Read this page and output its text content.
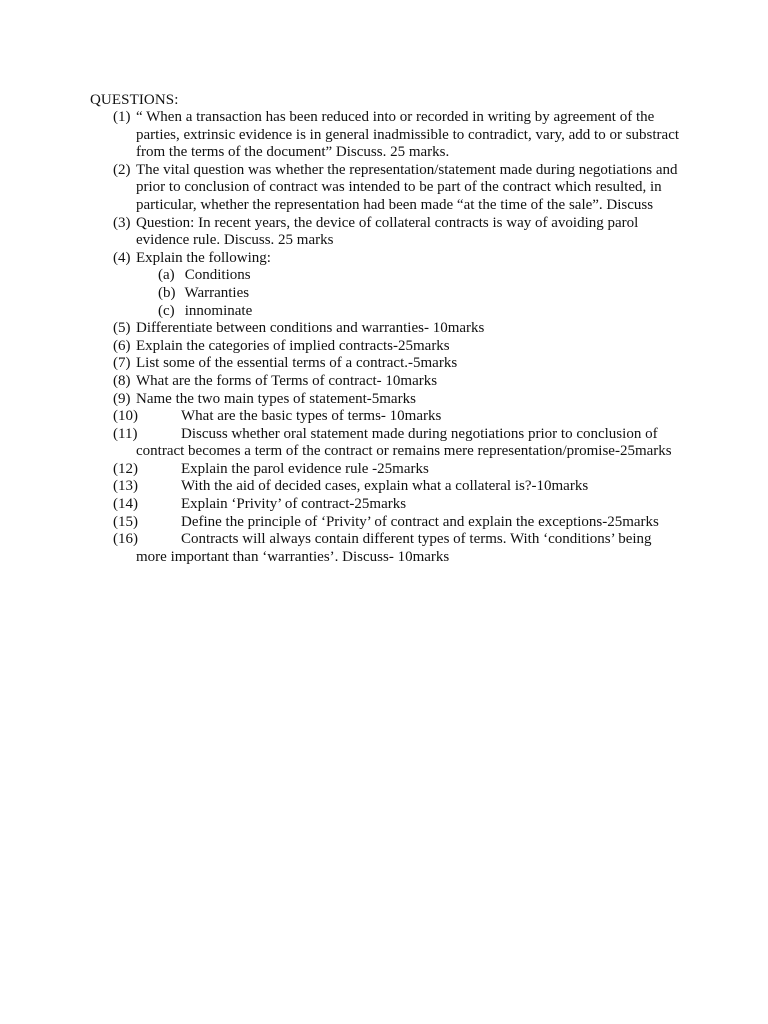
QUESTIONS:
(1) “ When a transaction has been reduced into or recorded in writing by agreement of the parties, extrinsic evidence is in general inadmissible to contradict, vary, add to or substract from the terms of the document” Discuss. 25 marks.
(2) The vital question was whether the representation/statement made during negotiations and prior to conclusion of contract was intended to be part of the contract which resulted, in particular, whether the representation had been made “at the time of the sale”. Discuss
(3) Question: In recent years, the device of collateral contracts is way of avoiding parol evidence rule. Discuss. 25 marks
(4) Explain the following:
(a) Conditions
(b) Warranties
(c) innominate
(5) Differentiate between conditions and warranties- 10marks
(6) Explain the categories of implied contracts-25marks
(7) List some of the essential terms of a contract.-5marks
(8) What are the forms of Terms of contract- 10marks
(9) Name the two main types of statement-5marks
(10)	What are the basic types of terms- 10marks
(11)	Discuss whether oral statement made during negotiations prior to conclusion of contract becomes a term of the contract or remains mere representation/promise-25marks
(12)	Explain the parol evidence rule -25marks
(13)	With the aid of decided cases, explain what a collateral is?-10marks
(14)	Explain ‘Privity’ of contract-25marks
(15)	Define the principle of ‘Privity’ of contract and explain the exceptions-25marks
(16)	Contracts will always contain different types of terms. With ‘conditions’ being more important than ‘warranties’. Discuss- 10marks
